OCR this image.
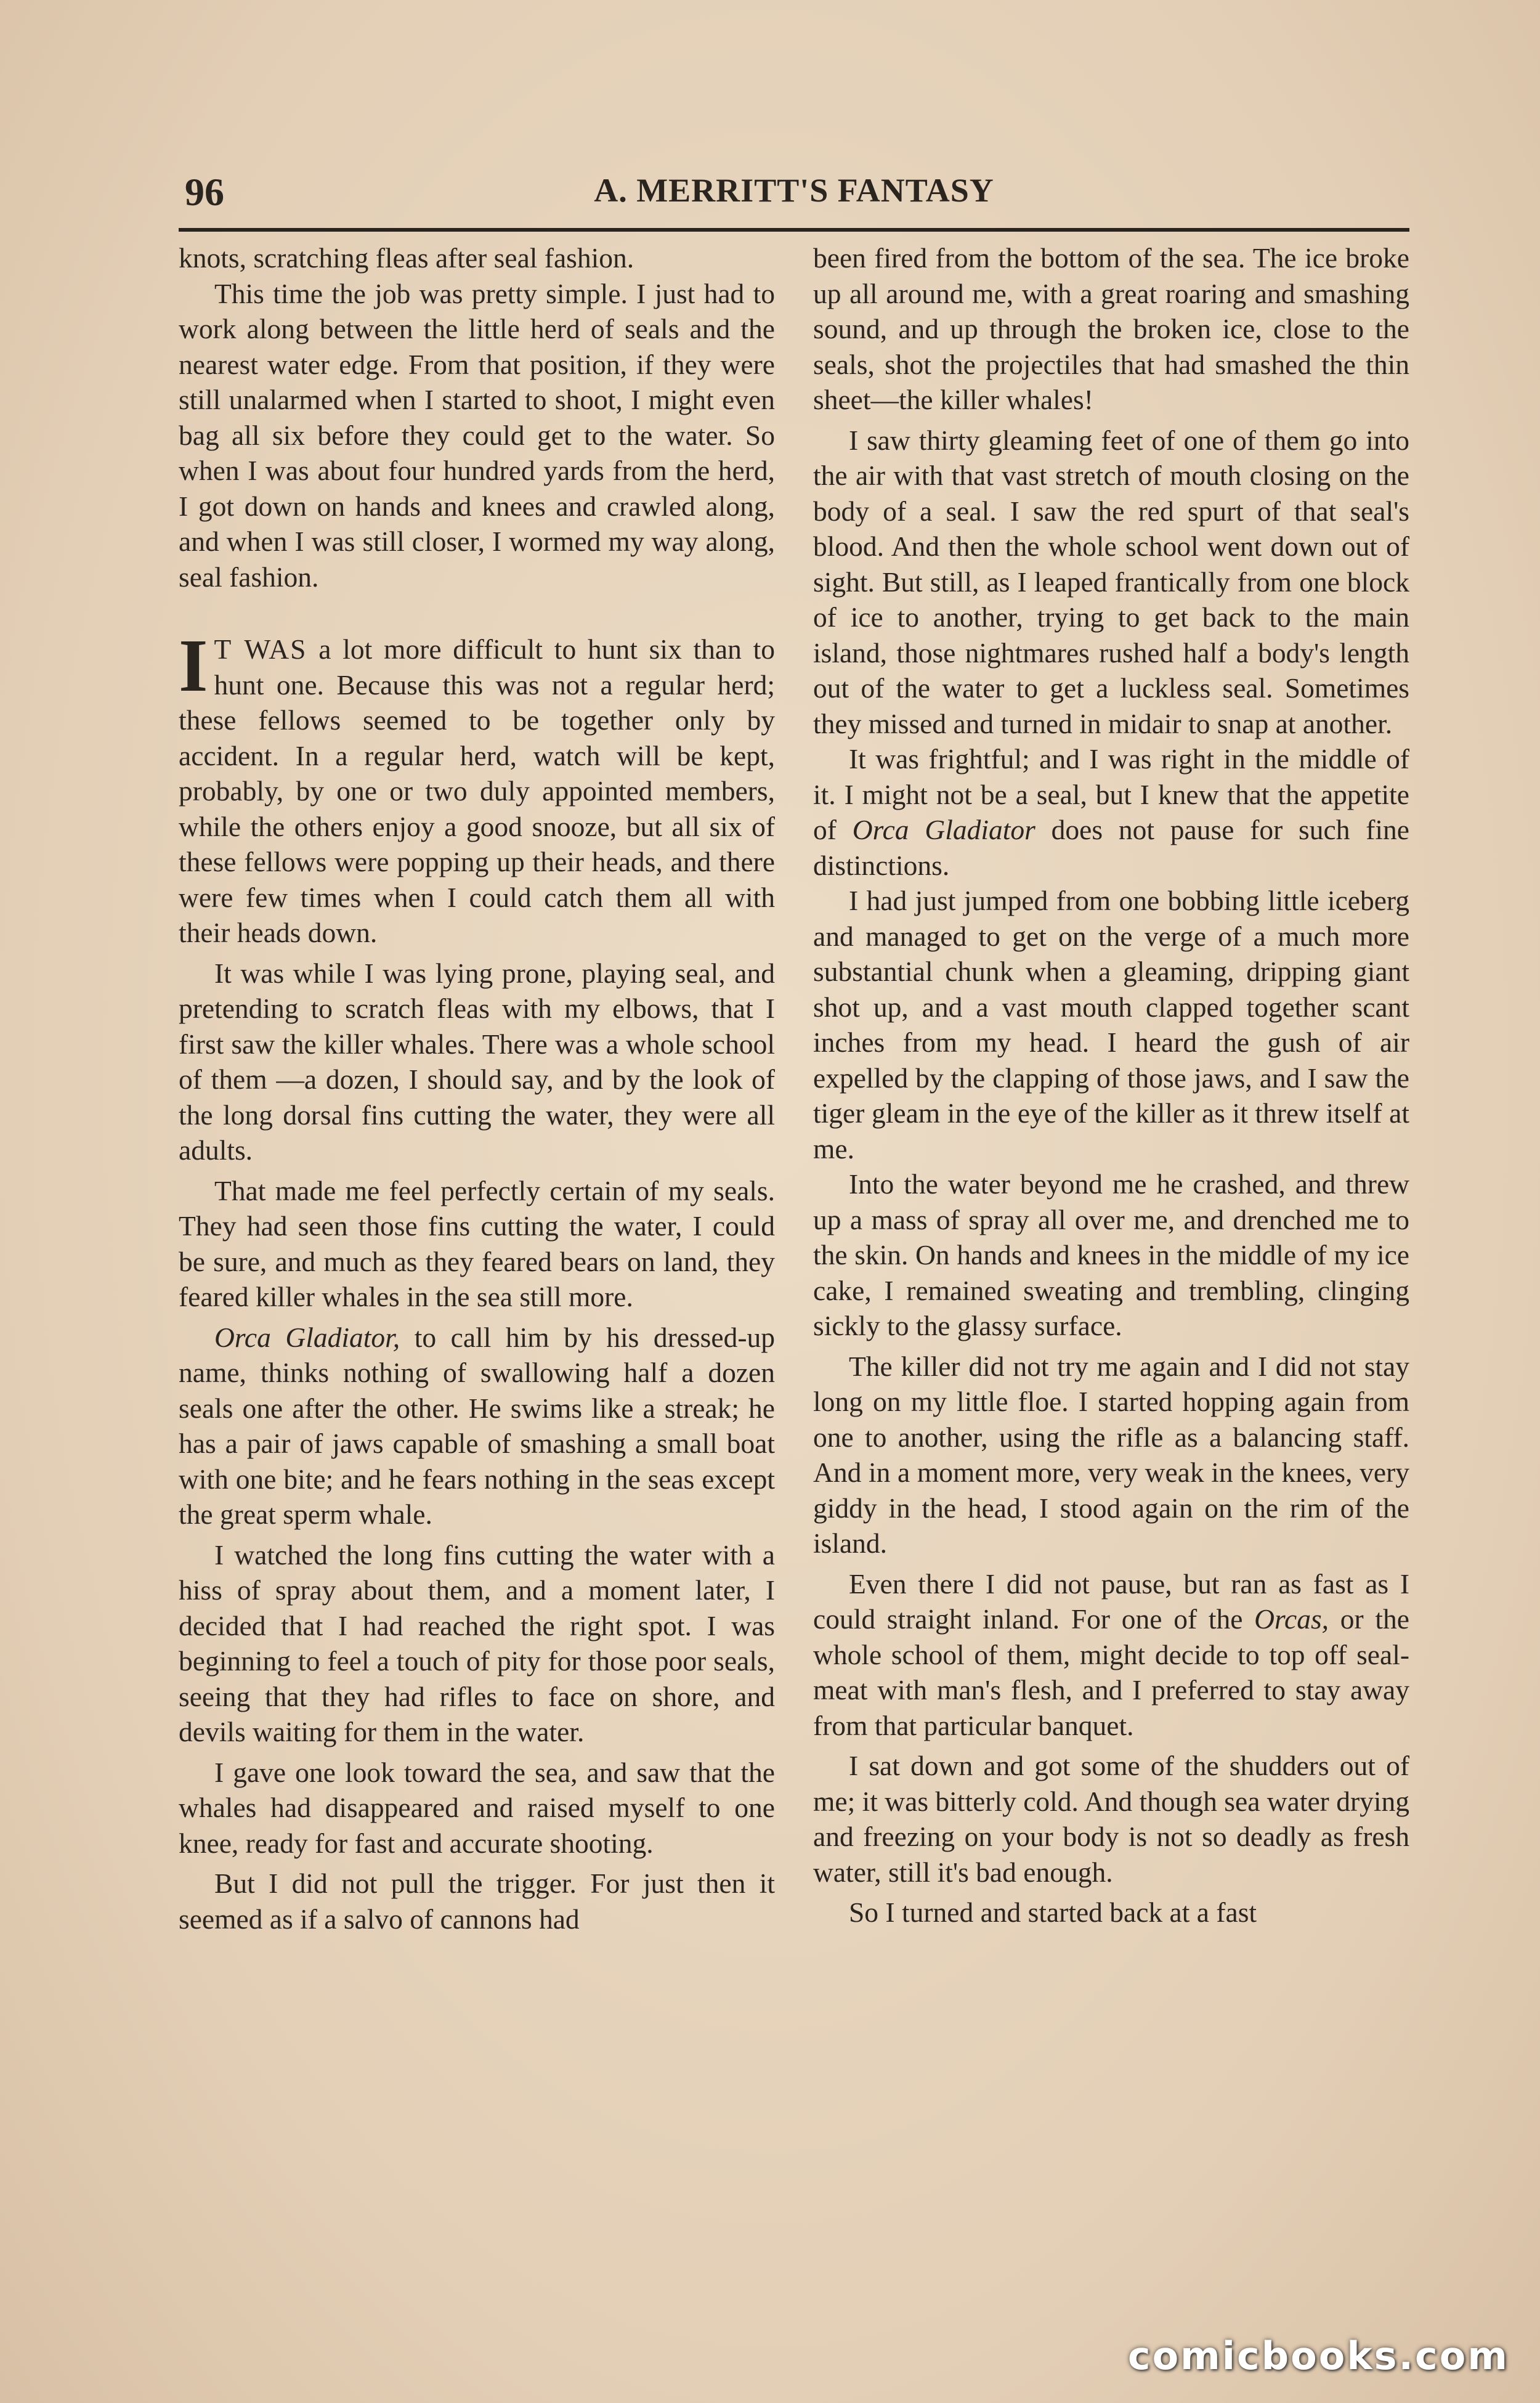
96	A. MERRITT'S FANTASY

knots, scratching fleas after seal fashion.

This time the job was pretty simple. I just had to work along between the little herd of seals and the nearest water edge. From that position, if they were still unalarmed when I started to shoot, I might even bag all six before they could get to the water. So when I was about four hundred yards from the herd, I got down on hands and knees and crawled along, and when I was still closer, I wormed my way along, seal fashion.

I T WAS a lot more difficult to hunt six than to hunt one. Because this was not a regular herd; these fellows seemed to be together only by accident. In a regular herd, watch will be kept, probably, by one or two duly appointed members, while the others enjoy a good snooze, but all six of these fellows were popping up their heads, and there were few times when I could catch them all with their heads down.

It was while I was lying prone, playing seal, and pretending to scratch fleas with my elbows, that I first saw the killer whales. There was a whole school of them —a dozen, I should say, and by the look of the long dorsal fins cutting the water, they were all adults.

That made me feel perfectly certain of my seals. They had seen those fins cutting the water, I could be sure, and much as they feared bears on land, they feared killer whales in the sea still more.

Orca Gladiator, to call him by his dressed-up name, thinks nothing of swallowing half a dozen seals one after the other. He swims like a streak; he has a pair of jaws capable of smashing a small boat with one bite; and he fears nothing in the seas except the great sperm whale.

I watched the long fins cutting the water with a hiss of spray about them, and a moment later, I decided that I had reached the right spot. I was beginning to feel a touch of pity for those poor seals, seeing that they had rifles to face on shore, and devils waiting for them in the water.

I gave one look toward the sea, and saw that the whales had disappeared and raised myself to one knee, ready for fast and accurate shooting.

But I did not pull the trigger. For just then it seemed as if a salvo of cannons had

been fired from the bottom of the sea. The ice broke up all around me, with a great roaring and smashing sound, and up through the broken ice, close to the seals, shot the projectiles that had smashed the thin sheet—the killer whales!

I saw thirty gleaming feet of one of them go into the air with that vast stretch of mouth closing on the body of a seal. I saw the red spurt of that seal's blood. And then the whole school went down out of sight. But still, as I leaped frantically from one block of ice to another, trying to get back to the main island, those nightmares rushed half a body's length out of the water to get a luckless seal. Sometimes they missed and turned in midair to snap at another.

It was frightful; and I was right in the middle of it. I might not be a seal, but I knew that the appetite of Orca Gladiator does not pause for such fine distinctions.

I had just jumped from one bobbing little iceberg and managed to get on the verge of a much more substantial chunk when a gleaming, dripping giant shot up, and a vast mouth clapped together scant inches from my head. I heard the gush of air expelled by the clapping of those jaws, and I saw the tiger gleam in the eye of the killer as it threw itself at me.

Into the water beyond me he crashed, and threw up a mass of spray all over me, and drenched me to the skin. On hands and knees in the middle of my ice cake, I remained sweating and trembling, clinging sickly to the glassy surface.

The killer did not try me again and I did not stay long on my little floe. I started hopping again from one to another, using the rifle as a balancing staff. And in a moment more, very weak in the knees, very giddy in the head, I stood again on the rim of the island.

Even there I did not pause, but ran as fast as I could straight inland. For one of the Orcas, or the whole school of them, might decide to top off seal-meat with man's flesh, and I preferred to stay away from that particular banquet.

I sat down and got some of the shudders out of me; it was bitterly cold. And though sea water drying and freezing on your body is not so deadly as fresh water, still it's bad enough.

So I turned and started back at a fast

comicbooks.com
